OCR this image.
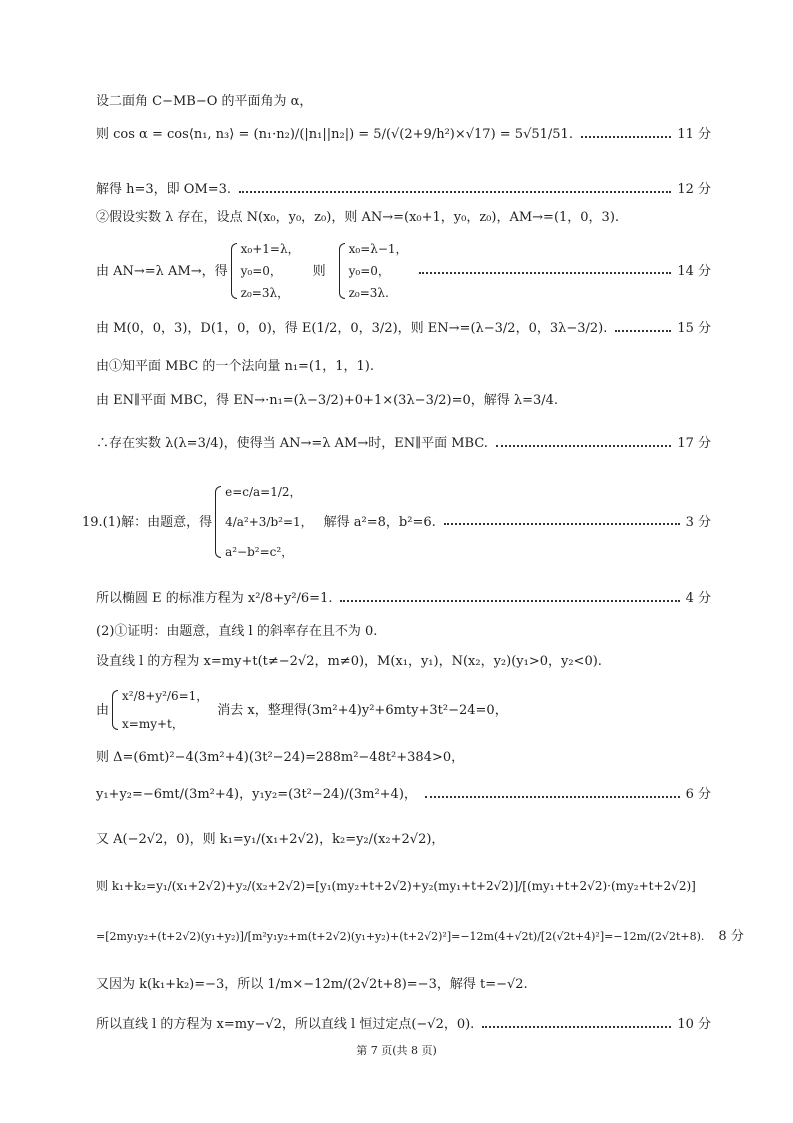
设二面角 C−MB−O 的平面角为 α，
则 cos α = cos⟨n₁, n₃⟩ = (n₁·n₂)/(|n₁||n₂|) = 5/(√(2+9/h²)×√17) = 5√51/51.	11 分
解得 h=3，即 OM=3.	12 分
②假设实数 λ 存在，设点 N(x₀，y₀，z₀)，则 AN→=(x₀+1，y₀，z₀)，AM→=(1，0，3).
由 AN→=λ AM→，得
x₀+1=λ，
y₀=0，
z₀=3λ，
则
x₀=λ−1，
y₀=0，
z₀=3λ.
14 分
由 M(0，0，3)，D(1，0，0)，得 E(1/2，0，3/2)，则 EN→=(λ−3/2，0，3λ−3/2).	15 分
由①知平面 MBC 的一个法向量 n₁=(1，1，1).
由 EN∥平面 MBC，得 EN→·n₁=(λ−3/2)+0+1×(3λ−3/2)=0，解得 λ=3/4.
∴存在实数 λ(λ=3/4)，使得当 AN→=λ AM→时，EN∥平面 MBC.	17 分
19.(1)解：由题意，得
e=c/a=1/2，
4/a²+3/b²=1，
a²−b²=c²，
解得 a²=8，b²=6.	3 分
所以椭圆 E 的标准方程为 x²/8+y²/6=1.	4 分
(2)①证明：由题意，直线 l 的斜率存在且不为 0.
设直线 l 的方程为 x=my+t(t≠−2√2，m≠0)，M(x₁，y₁)，N(x₂，y₂)(y₁>0，y₂<0).
由
x²/8+y²/6=1，
x=my+t，
消去 x，整理得(3m²+4)y²+6mty+3t²−24=0，
则 Δ=(6mt)²−4(3m²+4)(3t²−24)=288m²−48t²+384>0，
y₁+y₂=−6mt/(3m²+4)，y₁y₂=(3t²−24)/(3m²+4)，	6 分
又 A(−2√2，0)，则 k₁=y₁/(x₁+2√2)，k₂=y₂/(x₂+2√2)，
则 k₁+k₂=y₁/(x₁+2√2)+y₂/(x₂+2√2)=[y₁(my₂+t+2√2)+y₂(my₁+t+2√2)]/[(my₁+t+2√2)·(my₂+t+2√2)]
=[2my₁y₂+(t+2√2)(y₁+y₂)]/[m²y₁y₂+m(t+2√2)(y₁+y₂)+(t+2√2)²]=−12m(4+√2t)/[2(√2t+4)²]=−12m/(2√2t+8). 8 分
又因为 k(k₁+k₂)=−3，所以 1/m×−12m/(2√2t+8)=−3，解得 t=−√2.
所以直线 l 的方程为 x=my−√2，所以直线 l 恒过定点(−√2，0).	10 分
第 7 页(共 8 页)
